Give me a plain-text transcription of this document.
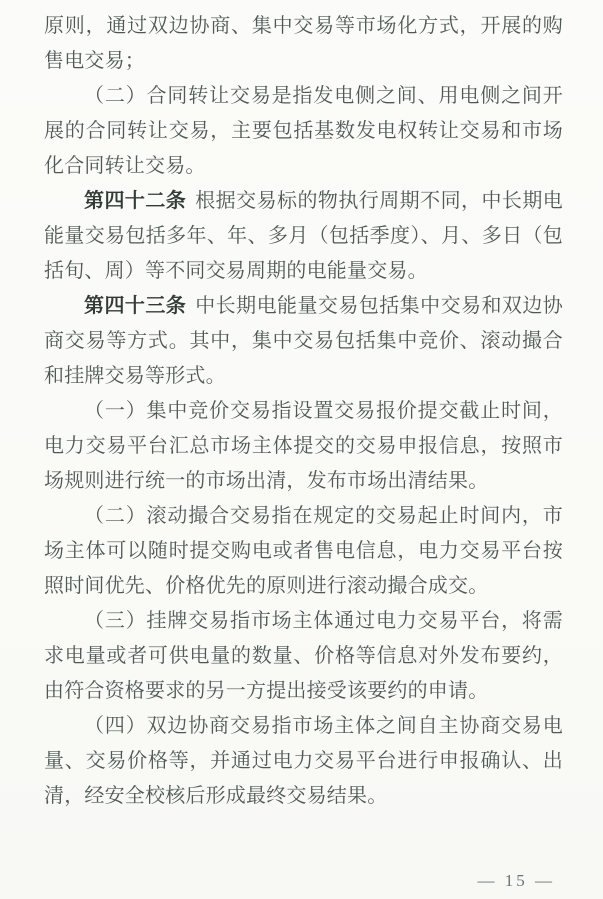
原则，通过双边协商、集中交易等市场化方式，开展的购售电交易；

（二）合同转让交易是指发电侧之间、用电侧之间开展的合同转让交易，主要包括基数发电权转让交易和市场化合同转让交易。

第四十二条 根据交易标的物执行周期不同，中长期电能量交易包括多年、年、多月（包括季度）、月、多日（包括旬、周）等不同交易周期的电能量交易。

第四十三条 中长期电能量交易包括集中交易和双边协商交易等方式。其中，集中交易包括集中竞价、滚动撮合和挂牌交易等形式。

（一）集中竞价交易指设置交易报价提交截止时间，电力交易平台汇总市场主体提交的交易申报信息，按照市场规则进行统一的市场出清，发布市场出清结果。

（二）滚动撮合交易指在规定的交易起止时间内，市场主体可以随时提交购电或者售电信息，电力交易平台按照时间优先、价格优先的原则进行滚动撮合成交。

（三）挂牌交易指市场主体通过电力交易平台，将需求电量或者可供电量的数量、价格等信息对外发布要约，由符合资格要求的另一方提出接受该要约的申请。

（四）双边协商交易指市场主体之间自主协商交易电量、交易价格等，并通过电力交易平台进行申报确认、出清，经安全校核后形成最终交易结果。

— 15 —
